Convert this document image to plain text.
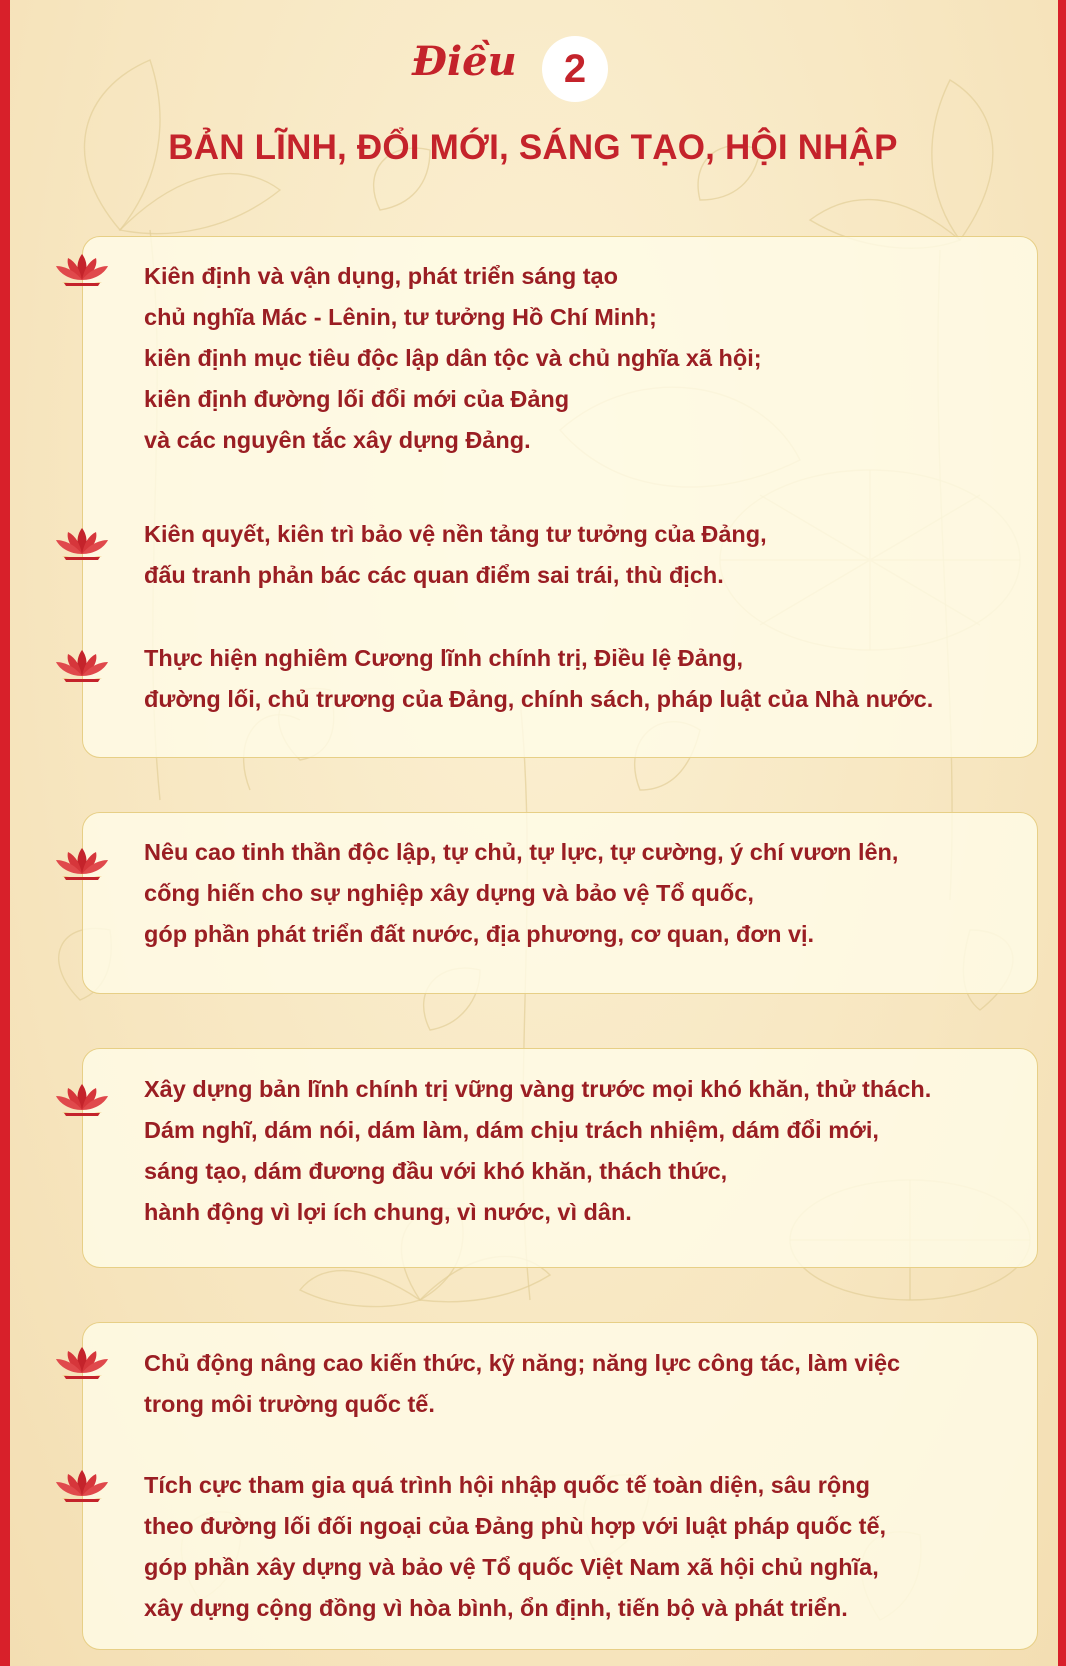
Điều	2
BẢN LĨNH, ĐỔI MỚI, SÁNG TẠO, HỘI NHẬP

Kiên định và vận dụng, phát triển sáng tạo
chủ nghĩa Mác - Lênin, tư tưởng Hồ Chí Minh;
kiên định mục tiêu độc lập dân tộc và chủ nghĩa xã hội;
kiên định đường lối đổi mới của Đảng
và các nguyên tắc xây dựng Đảng.

Kiên quyết, kiên trì bảo vệ nền tảng tư tưởng của Đảng,
đấu tranh phản bác các quan điểm sai trái, thù địch.

Thực hiện nghiêm Cương lĩnh chính trị, Điều lệ Đảng,
đường lối, chủ trương của Đảng, chính sách, pháp luật của Nhà nước.

Nêu cao tinh thần độc lập, tự chủ, tự lực, tự cường, ý chí vươn lên,
cống hiến cho sự nghiệp xây dựng và bảo vệ Tổ quốc,
góp phần phát triển đất nước, địa phương, cơ quan, đơn vị.

Xây dựng bản lĩnh chính trị vững vàng trước mọi khó khăn, thử thách.
Dám nghĩ, dám nói, dám làm, dám chịu trách nhiệm, dám đổi mới,
sáng tạo, dám đương đầu với khó khăn, thách thức,
hành động vì lợi ích chung, vì nước, vì dân.

Chủ động nâng cao kiến thức, kỹ năng; năng lực công tác, làm việc
trong môi trường quốc tế.

Tích cực tham gia quá trình hội nhập quốc tế toàn diện, sâu rộng
theo đường lối đối ngoại của Đảng phù hợp với luật pháp quốc tế,
góp phần xây dựng và bảo vệ Tổ quốc Việt Nam xã hội chủ nghĩa,
xây dựng cộng đồng vì hòa bình, ổn định, tiến bộ và phát triển.
